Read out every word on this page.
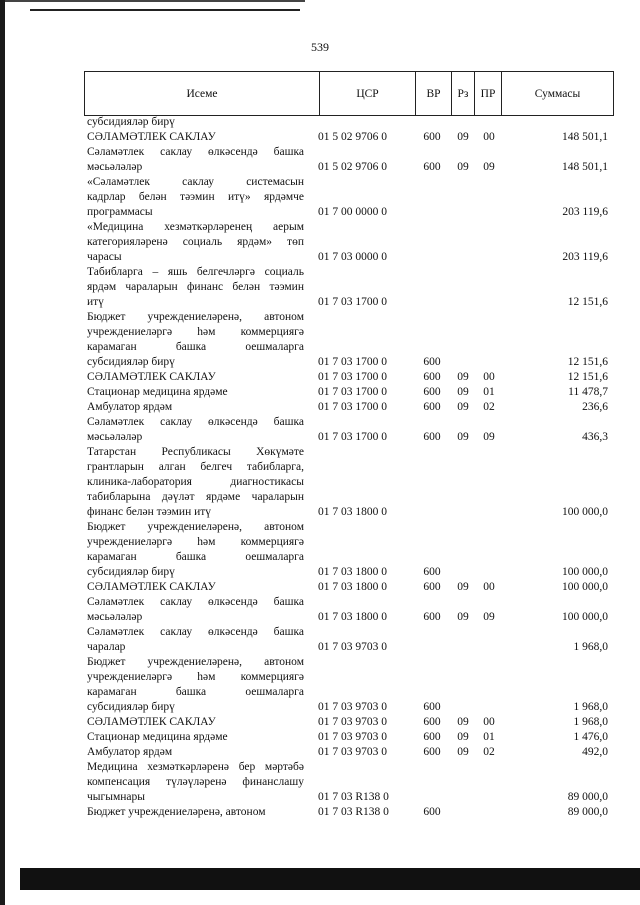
539
Исеме	ЦСР	ВР	Рз	ПР	Суммасы
субсидияләр бирү
СӘЛАМӘТЛЕК САКЛАУ	01 5 02 9706 0	600	09	00	148 501,1
Сәламәтлек саклау өлкәсендә башка
мәсьәләләр	01 5 02 9706 0	600	09	09	148 501,1
«Сәламәтлек саклау системасын
кадрлар белән тәэмин итү» ярдәмче
программасы	01 7 00 0000 0	203 119,6
«Медицина хезмәткәрләренең аерым
категорияләренә социаль ярдәм» төп
чарасы	01 7 03 0000 0	203 119,6
Табибларга – яшь белгечләргә социаль
ярдәм чараларын финанс белән тәэмин
итү	01 7 03 1700 0	12 151,6
Бюджет учреждениеләренә, автоном
учреждениеләргә һәм коммерциягә
карамаган башка оешмаларга
субсидияләр бирү	01 7 03 1700 0	600	12 151,6
СӘЛАМӘТЛЕК САКЛАУ	01 7 03 1700 0	600	09	00	12 151,6
Стационар медицина ярдәме	01 7 03 1700 0	600	09	01	11 478,7
Амбулатор ярдәм	01 7 03 1700 0	600	09	02	236,6
Сәламәтлек саклау өлкәсендә башка
мәсьәләләр	01 7 03 1700 0	600	09	09	436,3
Татарстан Республикасы Хөкүмәте
грантларын алган белгеч табибларга,
клиника-лаборатория диагностикасы
табибларына дәүләт ярдәме чараларын
финанс белән тәэмин итү	01 7 03 1800 0	100 000,0
Бюджет учреждениеләренә, автоном
учреждениеләргә һәм коммерциягә
карамаган башка оешмаларга
субсидияләр бирү	01 7 03 1800 0	600	100 000,0
СӘЛАМӘТЛЕК САКЛАУ	01 7 03 1800 0	600	09	00	100 000,0
Сәламәтлек саклау өлкәсендә башка
мәсьәләләр	01 7 03 1800 0	600	09	09	100 000,0
Сәламәтлек саклау өлкәсендә башка
чаралар	01 7 03 9703 0	1 968,0
Бюджет учреждениеләренә, автоном
учреждениеләргә һәм коммерциягә
карамаган башка оешмаларга
субсидияләр бирү	01 7 03 9703 0	600	1 968,0
СӘЛАМӘТЛЕК САКЛАУ	01 7 03 9703 0	600	09	00	1 968,0
Стационар медицина ярдәме	01 7 03 9703 0	600	09	01	1 476,0
Амбулатор ярдәм	01 7 03 9703 0	600	09	02	492,0
Медицина хезмәткәрләренә бер мәртәбә
компенсация түләүләренә финанслашу
чыгымнары	01 7 03 R138 0	89 000,0
Бюджет учреждениеләренә, автоном	01 7 03 R138 0	600	89 000,0
